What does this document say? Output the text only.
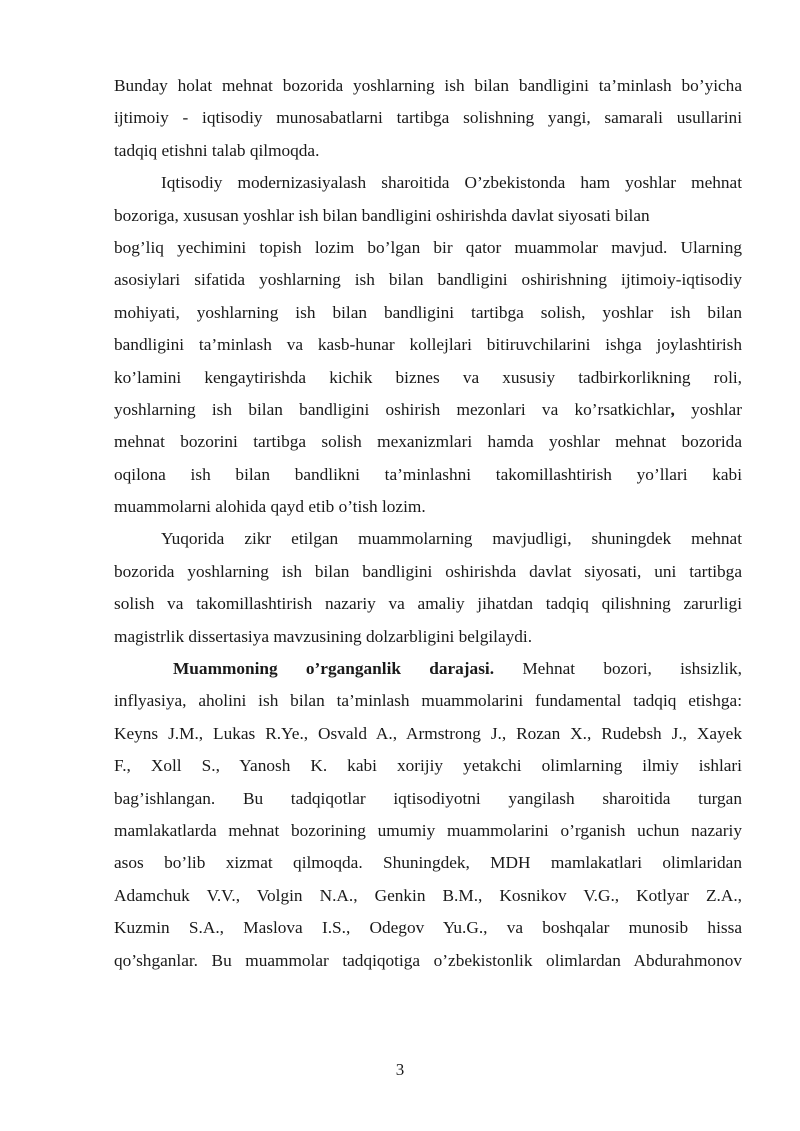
Bunday holat mehnat bozorida yoshlarning ish bilan bandligini ta’minlash bo’yicha
ijtimoiy - iqtisodiy munosabatlarni tartibga solishning yangi, samarali usullarini
tadqiq etishni talab qilmoqda.
Iqtisodiy modernizasiyalash sharoitida O’zbekistonda ham yoshlar mehnat
bozoriga, xususan yoshlar ish bilan bandligini oshirishda davlat siyosati bilan
bog’liq yechimini topish lozim bo’lgan bir qator muammolar mavjud. Ularning
asosiylari sifatida yoshlarning ish bilan bandligini oshirishning ijtimoiy-iqtisodiy
mohiyati, yoshlarning ish bilan bandligini tartibga solish, yoshlar ish bilan
bandligini ta’minlash va kasb-hunar kollejlari bitiruvchilarini ishga joylashtirish
ko’lamini kengaytirishda kichik biznes va xususiy tadbirkorlikning roli,
yoshlarning ish bilan bandligini oshirish mezonlari va ko’rsatkichlar, yoshlar
mehnat bozorini tartibga solish mexanizmlari hamda yoshlar mehnat bozorida
oqilona ish bilan bandlikni ta’minlashni takomillashtirish yo’llari kabi
muammolarni alohida qayd etib o’tish lozim.
Yuqorida zikr etilgan muammolarning mavjudligi, shuningdek mehnat
bozorida yoshlarning ish bilan bandligini oshirishda davlat siyosati, uni tartibga
solish va takomillashtirish nazariy va amaliy jihatdan tadqiq qilishning zarurligi
magistrlik dissertasiya mavzusining dolzarbligini belgilaydi.
Muammoning o’rganganlik darajasi. Mehnat bozori, ishsizlik,
inflyasiya, aholini ish bilan ta’minlash muammolarini fundamental tadqiq etishga:
Keyns J.M., Lukas R.Ye., Osvald A., Armstrong J., Rozan X., Rudebsh J., Xayek
F., Xoll S., Yanosh K. kabi xorijiy yetakchi olimlarning ilmiy ishlari
bag’ishlangan. Bu tadqiqotlar iqtisodiyotni yangilash sharoitida turgan
mamlakatlarda mehnat bozorining umumiy muammolarini o’rganish uchun nazariy
asos bo’lib xizmat qilmoqda. Shuningdek, MDH mamlakatlari olimlaridan
Adamchuk V.V., Volgin N.A., Genkin B.M., Kosnikov V.G., Kotlyar Z.A.,
Kuzmin S.A., Maslova I.S., Odegov Yu.G., va boshqalar munosib hissa
qo’shganlar. Bu muammolar tadqiqotiga o’zbekistonlik olimlardan Abdurahmonov
3
